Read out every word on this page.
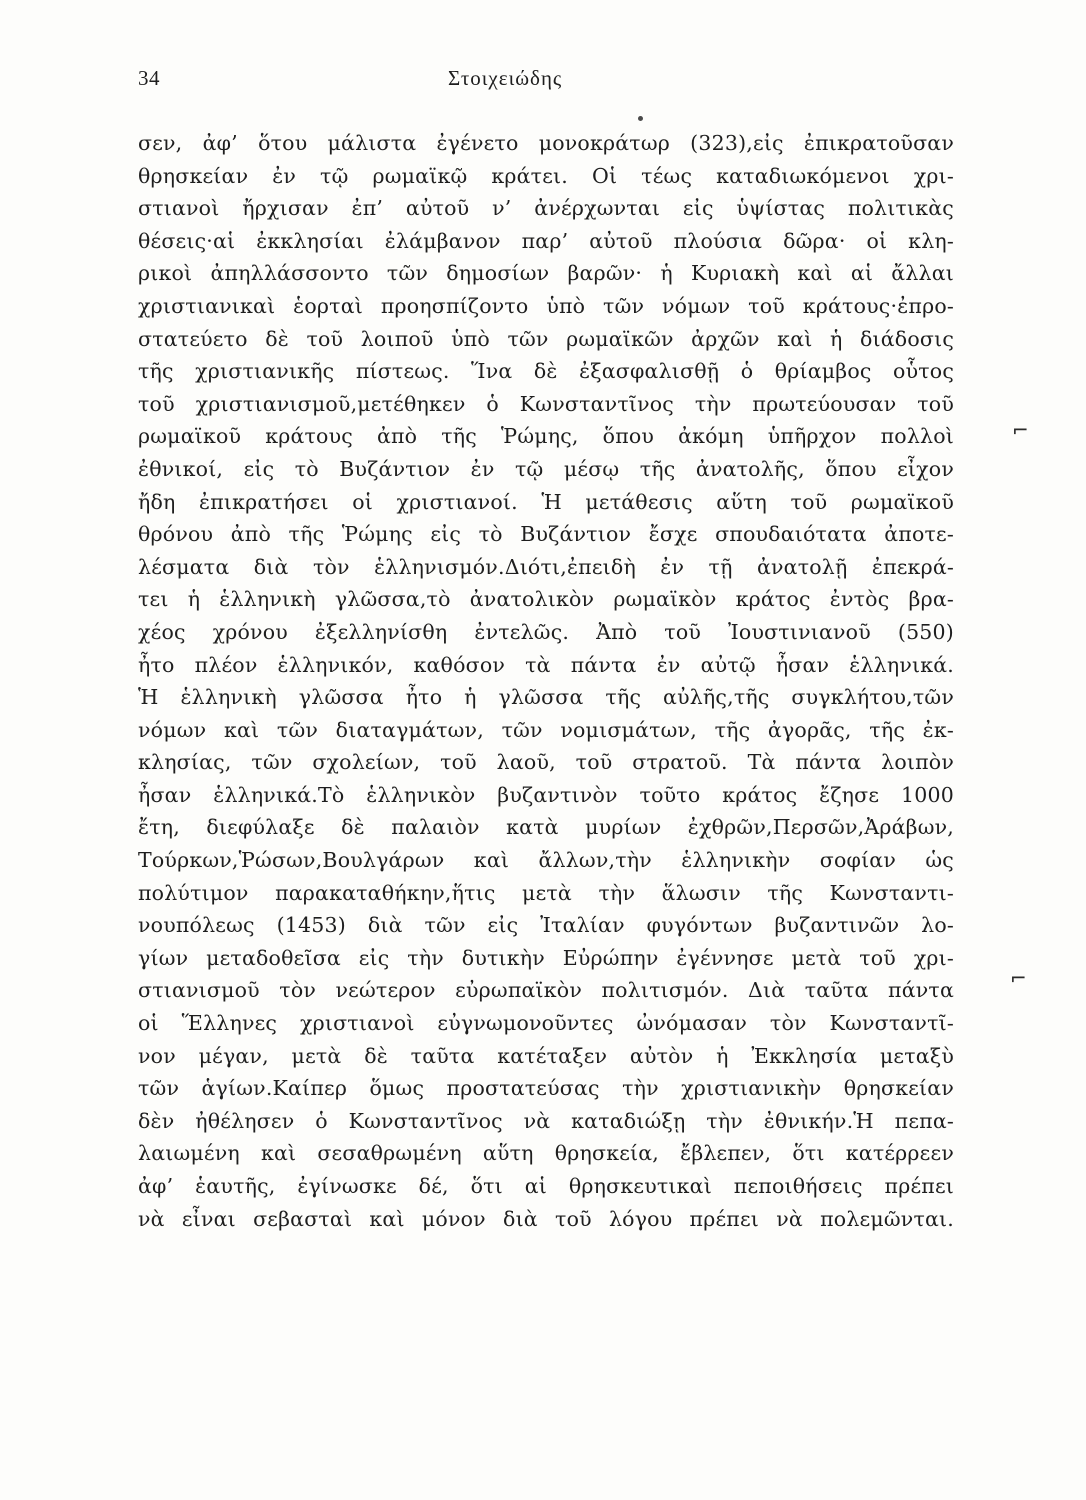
34	Στοιχειώδης
σεν, ἀφ’ ὅτου μάλιστα ἐγένετο μονοκράτωρ (323),εἰς ἐπικρατοῦσαν
θρησκείαν ἐν τῷ ρωμαϊκῷ κράτει. Οἱ τέως καταδιωκόμενοι χρι-
στιανοὶ ἤρχισαν ἐπ’ αὐτοῦ ν’ ἀνέρχωνται εἰς ὑψίστας πολιτικὰς
θέσεις·αἱ ἐκκλησίαι ἐλάμβανον παρ’ αὐτοῦ πλούσια δῶρα· οἱ κλη-
ρικοὶ ἀπηλλάσσοντο τῶν δημοσίων βαρῶν· ἡ Κυριακὴ καὶ αἱ ἄλλαι
χριστιανικαὶ ἑορταὶ προησπίζοντο ὑπὸ τῶν νόμων τοῦ κράτους·ἐπρο-
στατεύετο δὲ τοῦ λοιποῦ ὑπὸ τῶν ρωμαϊκῶν ἀρχῶν καὶ ἡ διάδοσις
τῆς χριστιανικῆς πίστεως. Ἵνα δὲ ἐξασφαλισθῇ ὁ θρίαμβος οὗτος
τοῦ χριστιανισμοῦ,μετέθηκεν ὁ Κωνσταντῖνος τὴν πρωτεύουσαν τοῦ
ρωμαϊκοῦ κράτους ἀπὸ τῆς Ῥώμης, ὅπου ἀκόμη ὑπῆρχον πολλοὶ
ἐθνικοί, εἰς τὸ Βυζάντιον ἐν τῷ μέσῳ τῆς ἀνατολῆς, ὅπου εἶχον
ἤδη ἐπικρατήσει οἱ χριστιανοί. Ἡ μετάθεσις αὕτη τοῦ ρωμαϊκοῦ
θρόνου ἀπὸ τῆς Ῥώμης εἰς τὸ Βυζάντιον ἔσχε σπουδαιότατα ἀποτε-
λέσματα διὰ τὸν ἑλληνισμόν.Διότι,ἐπειδὴ ἐν τῇ ἀνατολῇ ἐπεκρά-
τει ἡ ἑλληνικὴ γλῶσσα,τὸ ἀνατολικὸν ρωμαϊκὸν κράτος ἐντὸς βρα-
χέος χρόνου ἐξελληνίσθη ἐντελῶς. Ἀπὸ τοῦ Ἰουστινιανοῦ (550)
ἦτο πλέον ἑλληνικόν, καθόσον τὰ πάντα ἐν αὐτῷ ἦσαν ἑλληνικά.
Ἡ ἑλληνικὴ γλῶσσα ἦτο ἡ γλῶσσα τῆς αὐλῆς,τῆς συγκλήτου,τῶν
νόμων καὶ τῶν διαταγμάτων, τῶν νομισμάτων, τῆς ἀγορᾶς, τῆς ἐκ-
κλησίας, τῶν σχολείων, τοῦ λαοῦ, τοῦ στρατοῦ. Τὰ πάντα λοιπὸν
ἦσαν ἑλληνικά.Τὸ ἑλληνικὸν βυζαντινὸν τοῦτο κράτος ἔζησε 1000
ἔτη, διεφύλαξε δὲ παλαιὸν κατὰ μυρίων ἐχθρῶν,Περσῶν,Ἀράβων,
Τούρκων,Ῥώσων,Βουλγάρων καὶ ἄλλων,τὴν ἑλληνικὴν σοφίαν ὡς
πολύτιμον παρακαταθήκην,ἥτις μετὰ τὴν ἅλωσιν τῆς Κωνσταντι-
νουπόλεως (1453) διὰ τῶν εἰς Ἰταλίαν φυγόντων βυζαντινῶν λο-
γίων μεταδοθεῖσα εἰς τὴν δυτικὴν Εὐρώπην ἐγέννησε μετὰ τοῦ χρι-
στιανισμοῦ τὸν νεώτερον εὐρωπαϊκὸν πολιτισμόν. Διὰ ταῦτα πάντα
οἱ Ἕλληνες χριστιανοὶ εὐγνωμονοῦντες ὠνόμασαν τὸν Κωνσταντῖ-
νον μέγαν, μετὰ δὲ ταῦτα κατέταξεν αὐτὸν ἡ Ἐκκλησία μεταξὺ
τῶν ἁγίων.Καίπερ ὅμως προστατεύσας τὴν χριστιανικὴν θρησκείαν
δὲν ἠθέλησεν ὁ Κωνσταντῖνος νὰ καταδιώξῃ τὴν ἐθνικήν.Ἡ πεπα-
λαιωμένη καὶ σεσαθρωμένη αὕτη θρησκεία, ἔβλεπεν, ὅτι κατέρρεεν
ἀφ’ ἑαυτῆς, ἐγίνωσκε δέ, ὅτι αἱ θρησκευτικαὶ πεποιθήσεις πρέπει
νὰ εἶναι σεβασταὶ καὶ μόνον διὰ τοῦ λόγου πρέπει νὰ πολεμῶνται.
⌐
⌐
